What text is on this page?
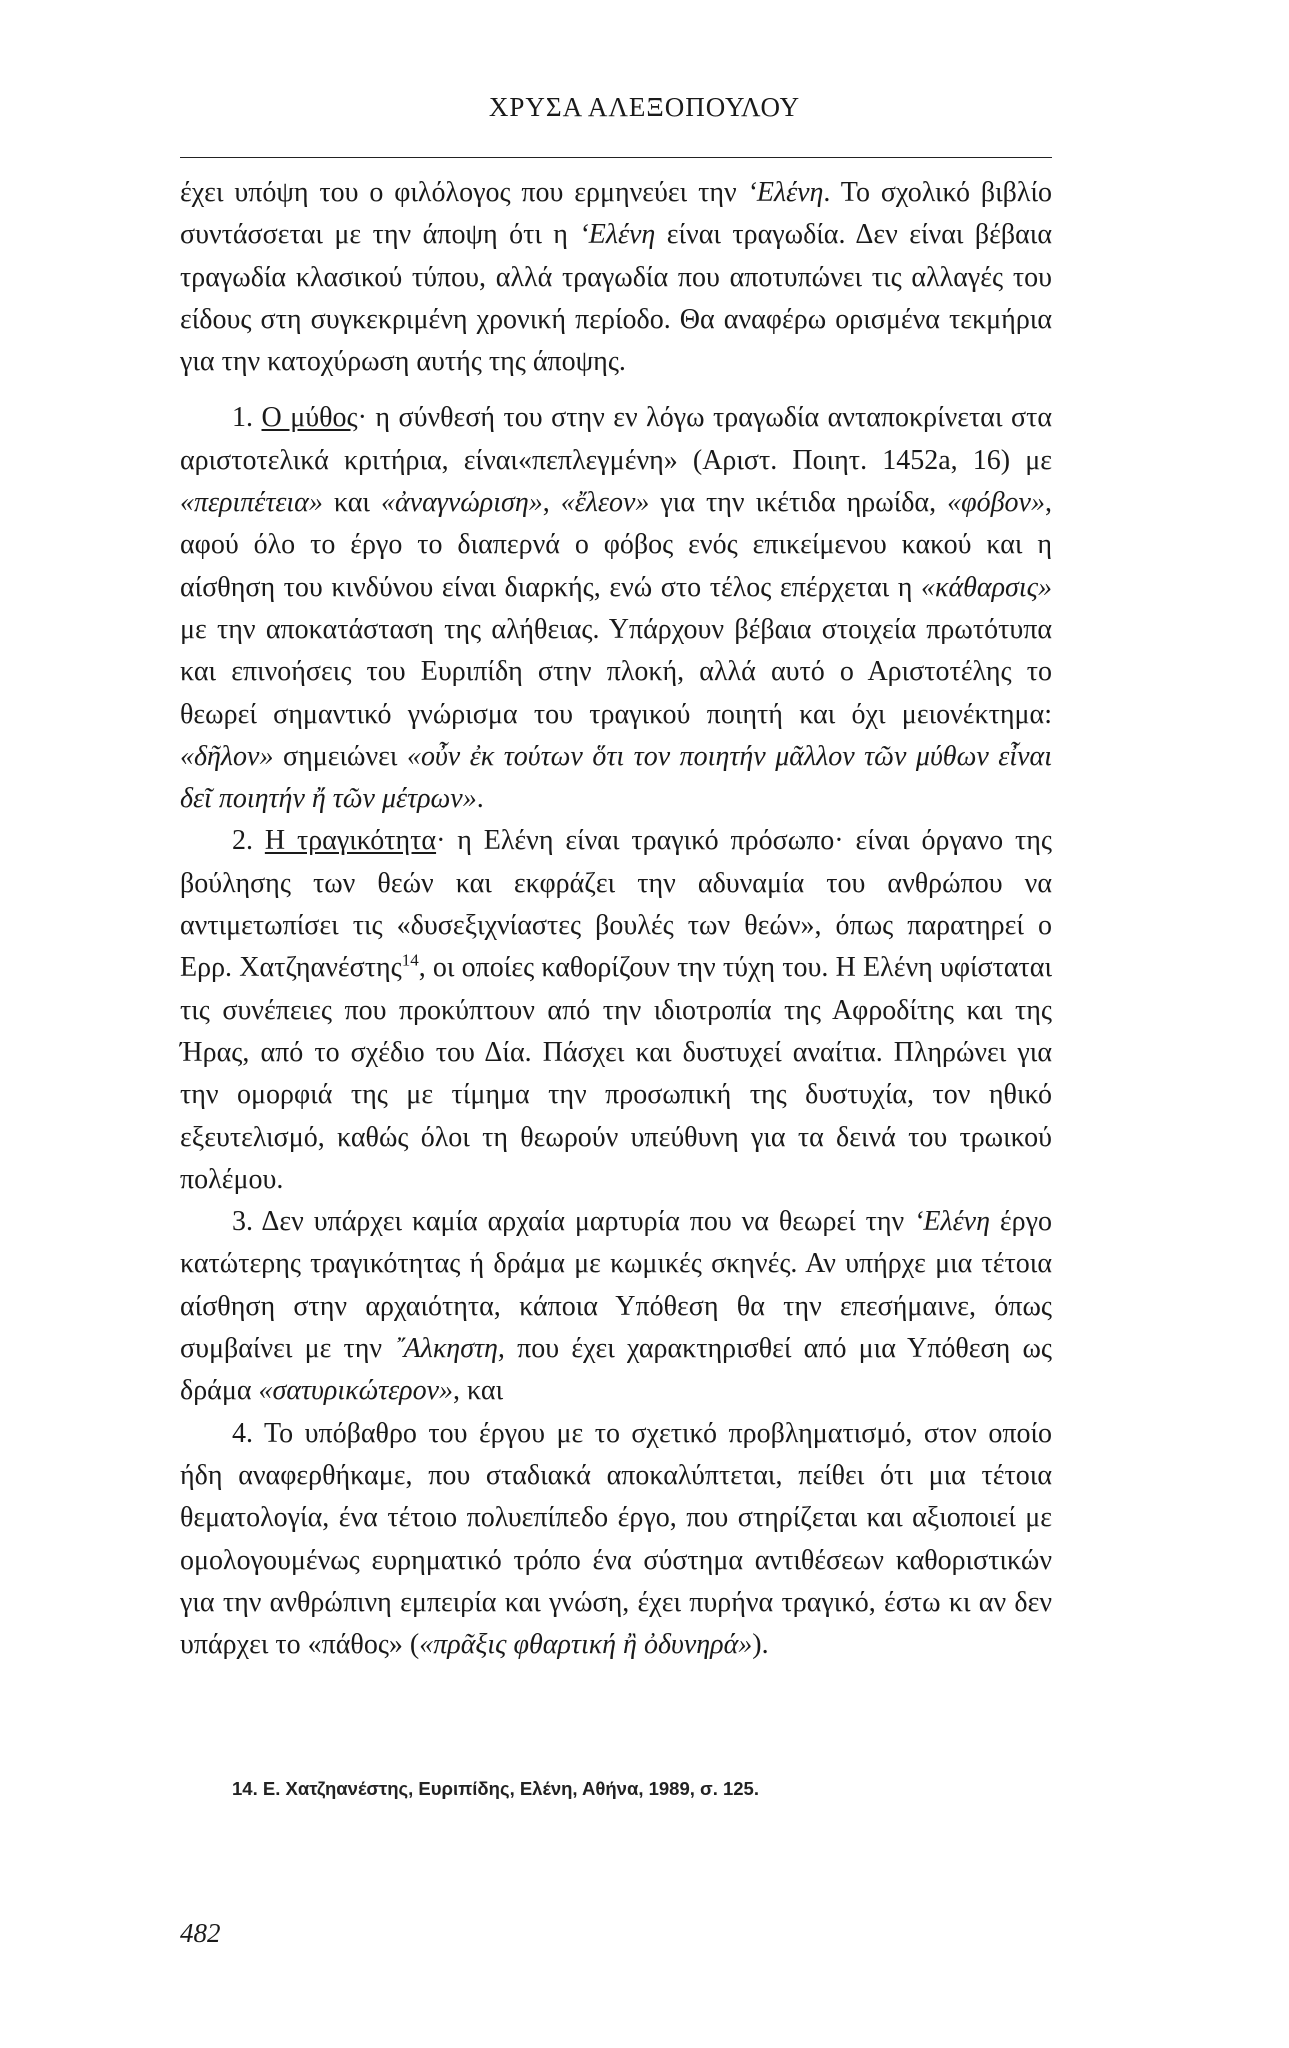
ΧΡΥΣΑ ΑΛΕΞΟΠΟΥΛΟΥ

έχει υπόψη του ο φιλόλογος που ερμηνεύει την ‘Ελένη. Το σχολικό βιβλίο συντάσσεται με την άποψη ότι η ‘Ελένη είναι τραγωδία. Δεν είναι βέβαια τραγωδία κλασικού τύπου, αλλά τραγωδία που αποτυπώνει τις αλλαγές του είδους στη συγκεκριμένη χρονική περίοδο. Θα αναφέρω ορισμένα τεκμήρια για την κατοχύρωση αυτής της άποψης.

1. Ο μύθος· η σύνθεσή του στην εν λόγω τραγωδία ανταποκρίνεται στα αριστοτελικά κριτήρια, είναι«πεπλεγμένη» (Αριστ. Ποιητ. 1452a, 16) με «περιπέτεια» και «ἀναγνώριση», «ἔλεον» για την ικέτιδα ηρωίδα, «φόβον», αφού όλο το έργο το διαπερνά ο φόβος ενός επικείμενου κακού και η αίσθηση του κινδύνου είναι διαρκής, ενώ στο τέλος επέρχεται η «κάθαρσις» με την αποκατάσταση της αλήθειας. Υπάρχουν βέβαια στοιχεία πρωτότυπα και επινοήσεις του Ευριπίδη στην πλοκή, αλλά αυτό ο Αριστοτέλης το θεωρεί σημαντικό γνώρισμα του τραγικού ποιητή και όχι μειονέκτημα: «δῆλον» σημειώνει «οὖν ἐκ τούτων ὅτι τον ποιητήν μᾶλλον τῶν μύθων εἶναι δεῖ ποιητήν ἤ τῶν μέτρων».

2. Η τραγικότητα· η Ελένη είναι τραγικό πρόσωπο· είναι όργανο της βούλησης των θεών και εκφράζει την αδυναμία του ανθρώπου να αντιμετωπίσει τις «δυσεξιχνίαστες βουλές των θεών», όπως παρατηρεί ο Ερρ. Χατζηανέστης$^{14}$, οι οποίες καθορίζουν την τύχη του. Η Ελένη υφίσταται τις συνέπειες που προκύπτουν από την ιδιοτροπία της Αφροδίτης και της Ήρας, από το σχέδιο του Δία. Πάσχει και δυστυχεί αναίτια. Πληρώνει για την ομορφιά της με τίμημα την προσωπική της δυστυχία, τον ηθικό εξευτελισμό, καθώς όλοι τη θεωρούν υπεύθυνη για τα δεινά του τρωικού πολέμου.

3. Δεν υπάρχει καμία αρχαία μαρτυρία που να θεωρεί την ‘Ελένη έργο κατώτερης τραγικότητας ή δράμα με κωμικές σκηνές. Αν υπήρχε μια τέτοια αίσθηση στην αρχαιότητα, κάποια Υπόθεση θα την επεσήμαινε, όπως συμβαίνει με την ῎Αλκηστη, που έχει χαρακτηρισθεί από μια Υπόθεση ως δράμα «σατυρικώτερον», και

4. Το υπόβαθρο του έργου με το σχετικό προβληματισμό, στον οποίο ήδη αναφερθήκαμε, που σταδιακά αποκαλύπτεται, πείθει ότι μια τέτοια θεματολογία, ένα τέτοιο πολυεπίπεδο έργο, που στηρίζεται και αξιοποιεί με ομολογουμένως ευρηματικό τρόπο ένα σύστημα αντιθέσεων καθοριστικών για την ανθρώπινη εμπειρία και γνώση, έχει πυρήνα τραγικό, έστω κι αν δεν υπάρχει το «πάθος» («πρᾶξις φθαρτική ἢ ὀδυνηρά»).

14. Ε. Χατζηανέστης, Ευριπίδης, Ελένη, Αθήνα, 1989, σ. 125.
482
